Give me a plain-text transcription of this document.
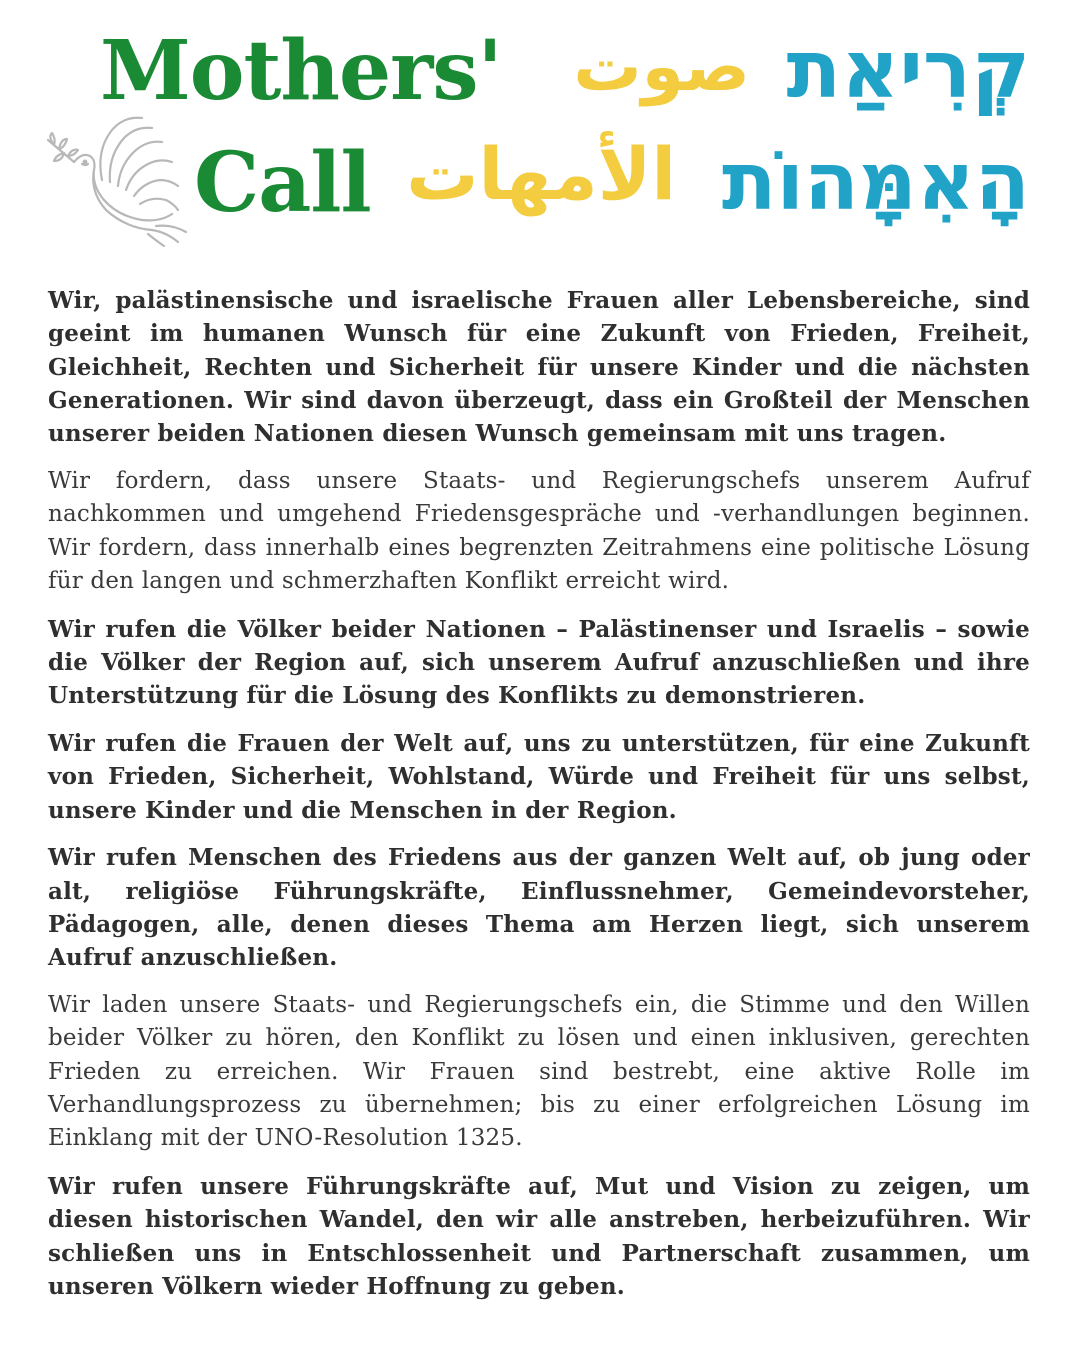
Mothers'
Call
صوت
الأمهات
קְרִיאַת
הָאִמָּהוֹת

Wir, palästinensische und israelische Frauen aller Lebensbereiche, sind geeint im humanen Wunsch für eine Zukunft von Frieden, Freiheit, Gleichheit, Rechten und Sicherheit für unsere Kinder und die nächsten Generationen. Wir sind davon überzeugt, dass ein Großteil der Menschen unserer beiden Nationen diesen Wunsch gemeinsam mit uns tragen.

Wir fordern, dass unsere Staats- und Regierungschefs unserem Aufruf nachkommen und umgehend Friedensgespräche und -verhandlungen beginnen. Wir fordern, dass innerhalb eines begrenzten Zeitrahmens eine politische Lösung für den langen und schmerzhaften Konflikt erreicht wird.

Wir rufen die Völker beider Nationen – Palästinenser und Israelis – sowie die Völker der Region auf, sich unserem Aufruf anzuschließen und ihre Unterstützung für die Lösung des Konflikts zu demonstrieren.

Wir rufen die Frauen der Welt auf, uns zu unterstützen, für eine Zukunft von Frieden, Sicherheit, Wohlstand, Würde und Freiheit für uns selbst, unsere Kinder und die Menschen in der Region.

Wir rufen Menschen des Friedens aus der ganzen Welt auf, ob jung oder alt, religiöse Führungskräfte, Einflussnehmer, Gemeindevorsteher, Pädagogen, alle, denen dieses Thema am Herzen liegt, sich unserem Aufruf anzuschließen.

Wir laden unsere Staats- und Regierungschefs ein, die Stimme und den Willen beider Völker zu hören, den Konflikt zu lösen und einen inklusiven, gerechten Frieden zu erreichen. Wir Frauen sind bestrebt, eine aktive Rolle im Verhandlungsprozess zu übernehmen; bis zu einer erfolgreichen Lösung im Einklang mit der UNO-Resolution 1325.

Wir rufen unsere Führungskräfte auf, Mut und Vision zu zeigen, um diesen historischen Wandel, den wir alle anstreben, herbeizuführen. Wir schließen uns in Entschlossenheit und Partnerschaft zusammen, um unseren Völkern wieder Hoffnung zu geben.
